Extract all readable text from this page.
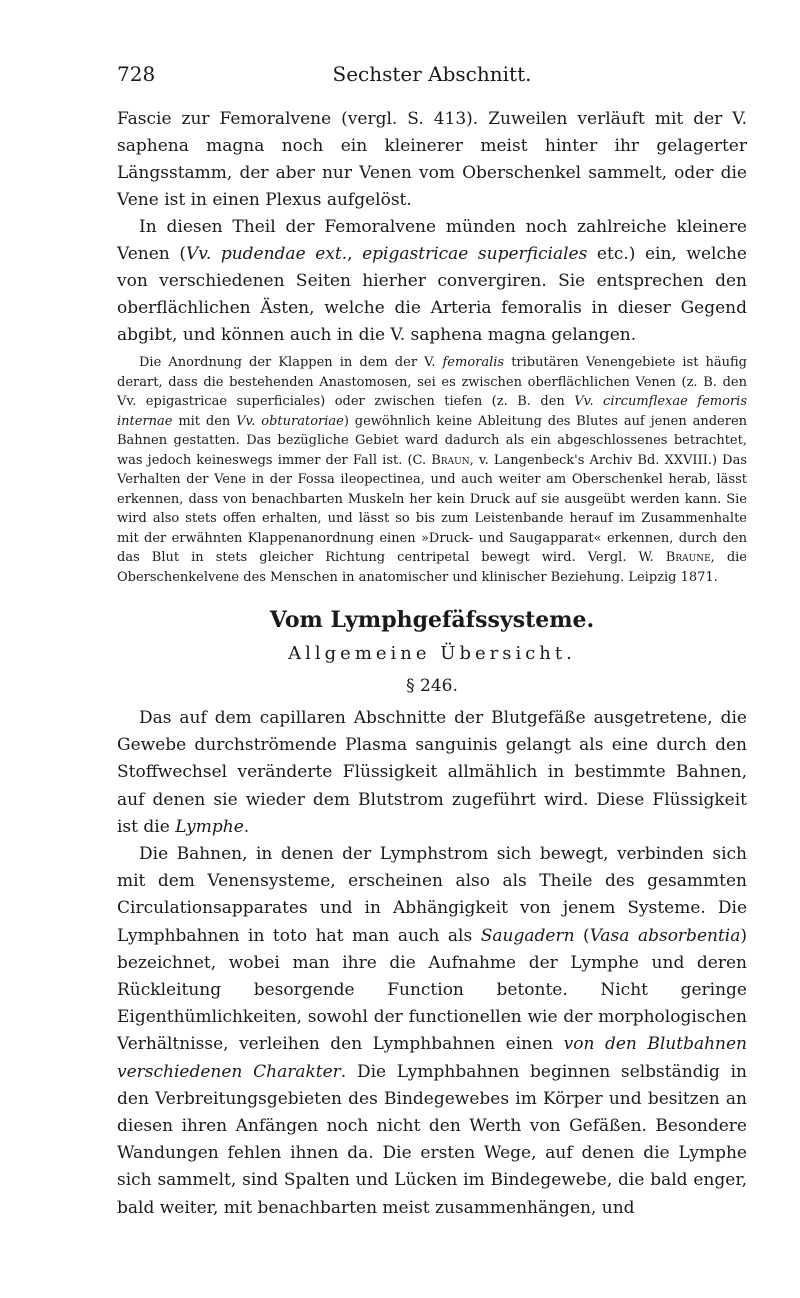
728	Sechster Abschnitt.

Fascie zur Femoralvene (vergl. S. 413). Zuweilen verläuft mit der V. saphena magna noch ein kleinerer meist hinter ihr gelagerter Längsstamm, der aber nur Venen vom Oberschenkel sammelt, oder die Vene ist in einen Plexus aufgelöst.

In diesen Theil der Femoralvene münden noch zahlreiche kleinere Venen (Vv. pudendae ext., epigastricae superficiales etc.) ein, welche von verschiedenen Seiten hierher convergiren. Sie entsprechen den oberflächlichen Ästen, welche die Arteria femoralis in dieser Gegend abgibt, und können auch in die V. saphena magna gelangen.

Die Anordnung der Klappen in dem der V. femoralis tributären Venengebiete ist häufig derart, dass die bestehenden Anastomosen, sei es zwischen oberflächlichen Venen (z. B. den Vv. epigastricae superficiales) oder zwischen tiefen (z. B. den Vv. circumflexae femoris internae mit den Vv. obturatoriae) gewöhnlich keine Ableitung des Blutes auf jenen anderen Bahnen gestatten. Das bezügliche Gebiet ward dadurch als ein abgeschlossenes betrachtet, was jedoch keineswegs immer der Fall ist. (C. Braun, v. Langenbeck's Archiv Bd. XXVIII.) Das Verhalten der Vene in der Fossa ileopectinea, und auch weiter am Oberschenkel herab, lässt erkennen, dass von benachbarten Muskeln her kein Druck auf sie ausgeübt werden kann. Sie wird also stets offen erhalten, und lässt so bis zum Leistenbande herauf im Zusammenhalte mit der erwähnten Klappenanordnung einen »Druck- und Saugapparat« erkennen, durch den das Blut in stets gleicher Richtung centripetal bewegt wird. Vergl. W. Braune, die Oberschenkelvene des Menschen in anatomischer und klinischer Beziehung. Leipzig 1871.

Vom Lymphgefäfssysteme.
Allgemeine Übersicht.
§ 246.

Das auf dem capillaren Abschnitte der Blutgefäße ausgetretene, die Gewebe durchströmende Plasma sanguinis gelangt als eine durch den Stoffwechsel veränderte Flüssigkeit allmählich in bestimmte Bahnen, auf denen sie wieder dem Blutstrom zugeführt wird. Diese Flüssigkeit ist die Lymphe.

Die Bahnen, in denen der Lymphstrom sich bewegt, verbinden sich mit dem Venensysteme, erscheinen also als Theile des gesammten Circulationsapparates und in Abhängigkeit von jenem Systeme. Die Lymphbahnen in toto hat man auch als Saugadern (Vasa absorbentia) bezeichnet, wobei man ihre die Aufnahme der Lymphe und deren Rückleitung besorgende Function betonte. Nicht geringe Eigenthümlichkeiten, sowohl der functionellen wie der morphologischen Verhältnisse, verleihen den Lymphbahnen einen von den Blutbahnen verschiedenen Charakter. Die Lymphbahnen beginnen selbständig in den Verbreitungsgebieten des Bindegewebes im Körper und besitzen an diesen ihren Anfängen noch nicht den Werth von Gefäßen. Besondere Wandungen fehlen ihnen da. Die ersten Wege, auf denen die Lymphe sich sammelt, sind Spalten und Lücken im Bindegewebe, die bald enger, bald weiter, mit benachbarten meist zusammenhängen, und
